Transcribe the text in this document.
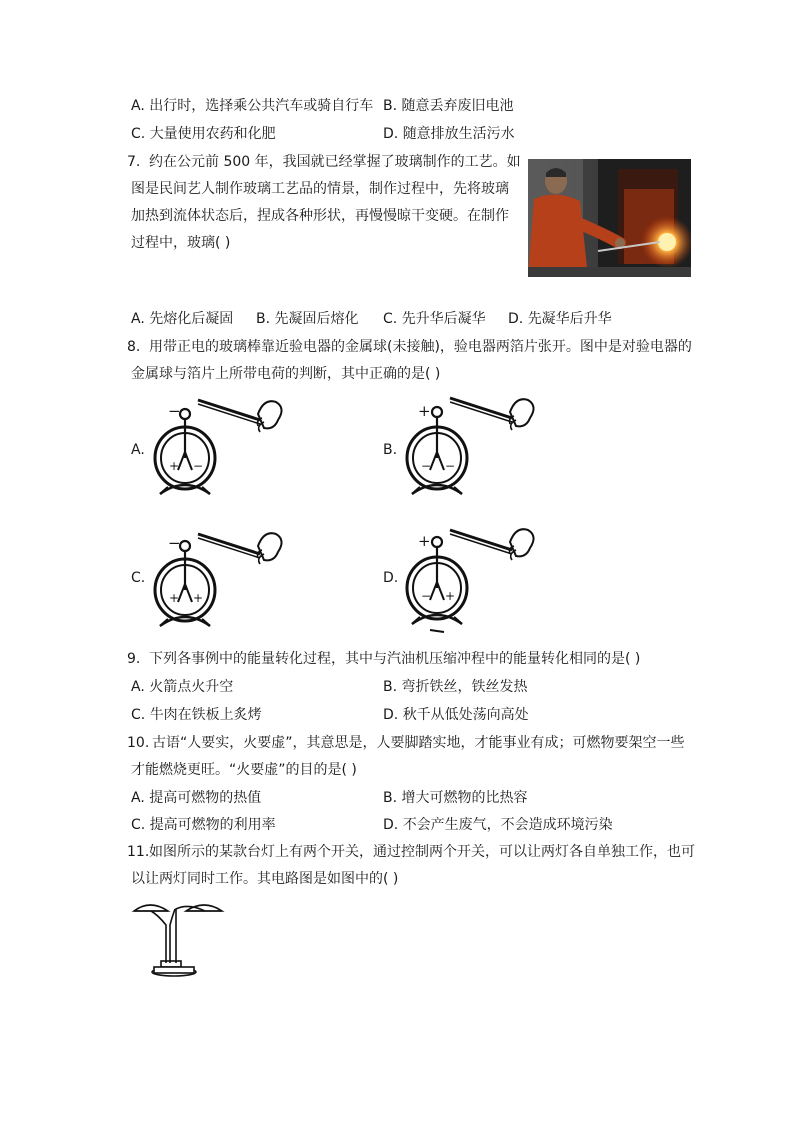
A. 出行时，选择乘公共汽车或骑自行车 B. 随意丢弃废旧电池
C. 大量使用农药和化肥	D. 随意排放生活污水
7. 约在公元前 500 年，我国就已经掌握了玻璃制作的工艺。如
图是民间艺人制作玻璃工艺品的情景，制作过程中，先将玻璃
加热到流体状态后，捏成各种形状，再慢慢晾干变硬。在制作
过程中，玻璃( )
A. 先熔化后凝固 B. 先凝固后熔化 C. 先升华后凝华 D. 先凝华后升华
8. 用带正电的玻璃棒靠近验电器的金属球(未接触)，验电器两箔片张开。图中是对验电器的
金属球与箔片上所带电荷的判断，其中正确的是( )
A.
−
+ −
B.
+
− −
C.
−
+ +
D.
+
− +
9. 下列各事例中的能量转化过程，其中与汽油机压缩冲程中的能量转化相同的是( )
A. 火箭点火升空	B. 弯折铁丝，铁丝发热
C. 牛肉在铁板上炙烤	D. 秋千从低处荡向高处
10. 古语“人要实，火要虚”，其意思是，人要脚踏实地，才能事业有成；可燃物要架空一些
才能燃烧更旺。“火要虚”的目的是( )
A. 提高可燃物的热值	B. 增大可燃物的比热容
C. 提高可燃物的利用率	D. 不会产生废气，不会造成环境污染
11. 如图所示的某款台灯上有两个开关，通过控制两个开关，可以让两灯各自单独工作，也可
以让两灯同时工作。其电路图是如图中的( )
